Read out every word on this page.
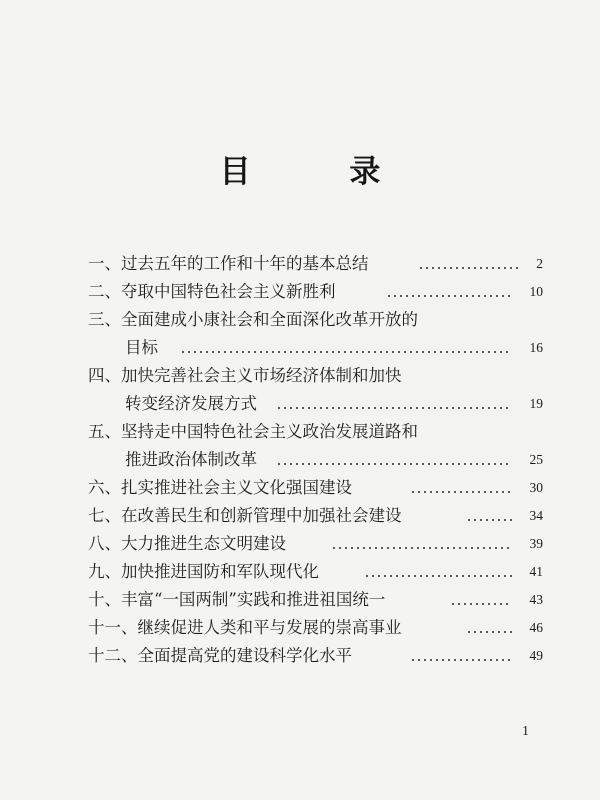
目 录
一、过去五年的工作和十年的基本总结	2
二、夺取中国特色社会主义新胜利	10
三、全面建成小康社会和全面深化改革开放的
目标	16
四、加快完善社会主义市场经济体制和加快
转变经济发展方式	19
五、坚持走中国特色社会主义政治发展道路和
推进政治体制改革	25
六、扎实推进社会主义文化强国建设	30
七、在改善民生和创新管理中加强社会建设	34
八、大力推进生态文明建设	39
九、加快推进国防和军队现代化	41
十、丰富“一国两制”实践和推进祖国统一	43
十一、继续促进人类和平与发展的崇高事业	46
十二、全面提高党的建设科学化水平	49
1
